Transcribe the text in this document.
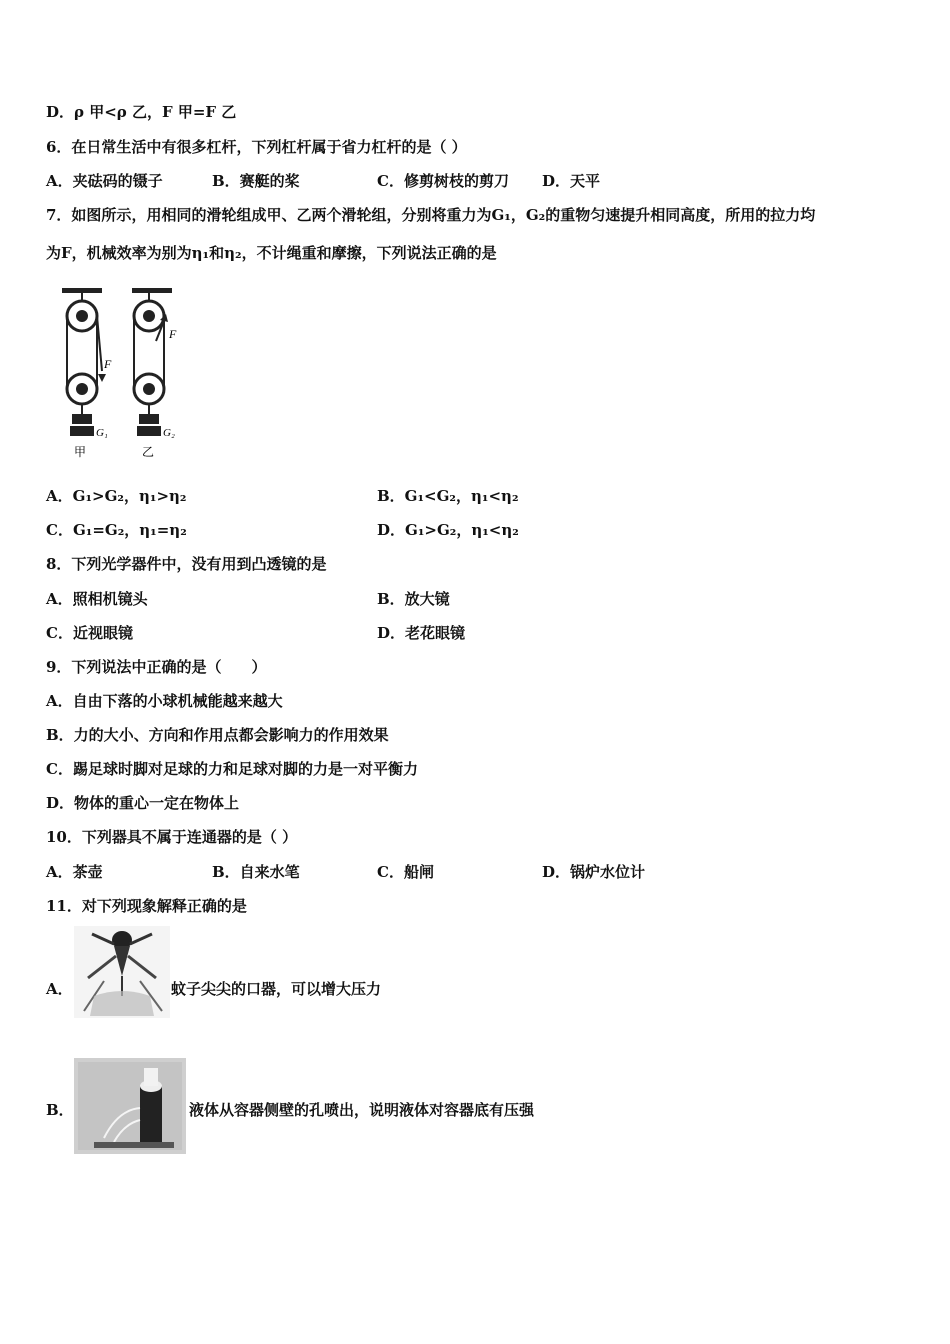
D．ρ 甲<ρ 乙，F 甲=F 乙
6．在日常生活中有很多杠杆，下列杠杆属于省力杠杆的是（ ）
A．夹砝码的镊子	B．赛艇的桨	C．修剪树枝的剪刀 D．天平
7．如图所示，用相同的滑轮组成甲、乙两个滑轮组，分别将重力为G₁，G₂的重物匀速提升相同高度，所用的拉力均
为F，机械效率为别为η₁和η₂，不计绳重和摩擦，下列说法正确的是
F
G₁
甲
F
G₂
乙
A．G₁>G₂，η₁>η₂	B．G₁<G₂，η₁<η₂
C．G₁=G₂，η₁=η₂	D．G₁>G₂，η₁<η₂
8．下列光学器件中，没有用到凸透镜的是
A．照相机镜头	B．放大镜
C．近视眼镜	D．老花眼镜
9．下列说法中正确的是（　　）
A．自由下落的小球机械能越来越大
B．力的大小、方向和作用点都会影响力的作用效果
C．踢足球时脚对足球的力和足球对脚的力是一对平衡力
D．物体的重心一定在物体上
10．下列器具不属于连通器的是（ ）
A．茶壶	B．自来水笔	C．船闸	D．锅炉水位计
11．对下列现象解释正确的是
A．	蚊子尖尖的口器，可以增大压力
B．	液体从容器侧壁的孔喷出，说明液体对容器底有压强
